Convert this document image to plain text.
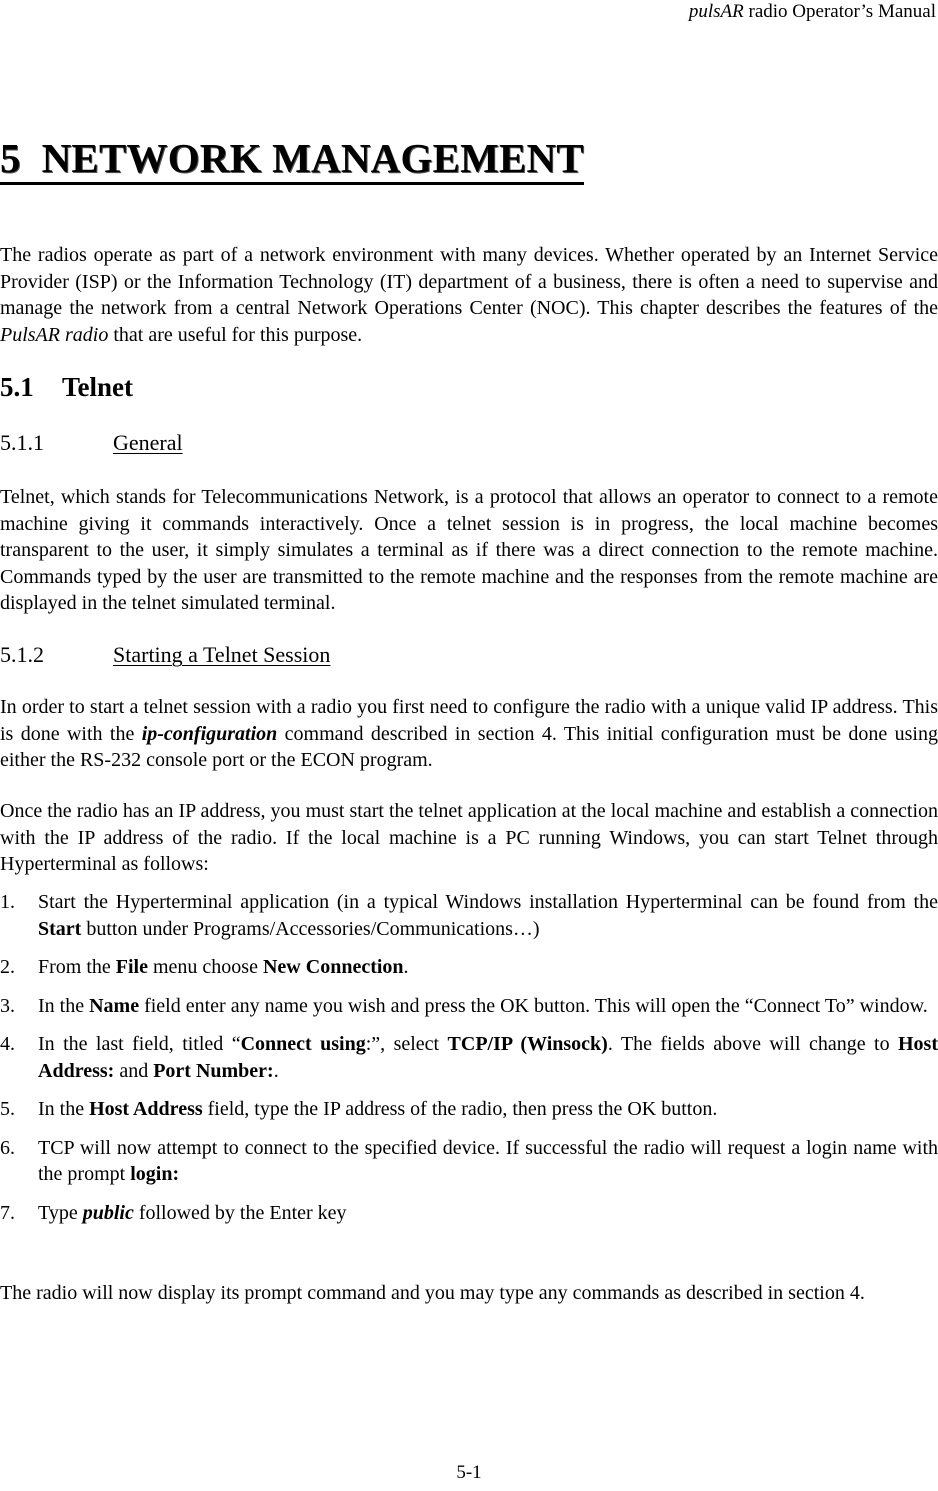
pulsAR radio Operator’s Manual
5 NETWORK MANAGEMENT
The radios operate as part of a network environment with many devices. Whether operated by an Internet Service Provider (ISP) or the Information Technology (IT) department of a business, there is often a need to supervise and manage the network from a central Network Operations Center (NOC). This chapter describes the features of the PulsAR radio that are useful for this purpose.
5.1 Telnet
5.1.1	General
Telnet, which stands for Telecommunications Network, is a protocol that allows an operator to connect to a remote machine giving it commands interactively. Once a telnet session is in progress, the local machine becomes transparent to the user, it simply simulates a terminal as if there was a direct connection to the remote machine. Commands typed by the user are transmitted to the remote machine and the responses from the remote machine are displayed in the telnet simulated terminal.
5.1.2	Starting a Telnet Session
In order to start a telnet session with a radio you first need to configure the radio with a unique valid IP address. This is done with the ip-configuration command described in section 4. This initial configuration must be done using either the RS-232 console port or the ECON program.
Once the radio has an IP address, you must start the telnet application at the local machine and establish a connection with the IP address of the radio. If the local machine is a PC running Windows, you can start Telnet through Hyperterminal as follows:
1. Start the Hyperterminal application (in a typical Windows installation Hyperterminal can be found from the Start button under Programs/Accessories/Communications…)
2. From the File menu choose New Connection.
3. In the Name field enter any name you wish and press the OK button. This will open the “Connect To” window.
4. In the last field, titled “Connect using:”, select TCP/IP (Winsock). The fields above will change to Host Address: and Port Number:.
5. In the Host Address field, type the IP address of the radio, then press the OK button.
6. TCP will now attempt to connect to the specified device. If successful the radio will request a login name with the prompt login:
7. Type public followed by the Enter key
The radio will now display its prompt command and you may type any commands as described in section 4.
5-1
